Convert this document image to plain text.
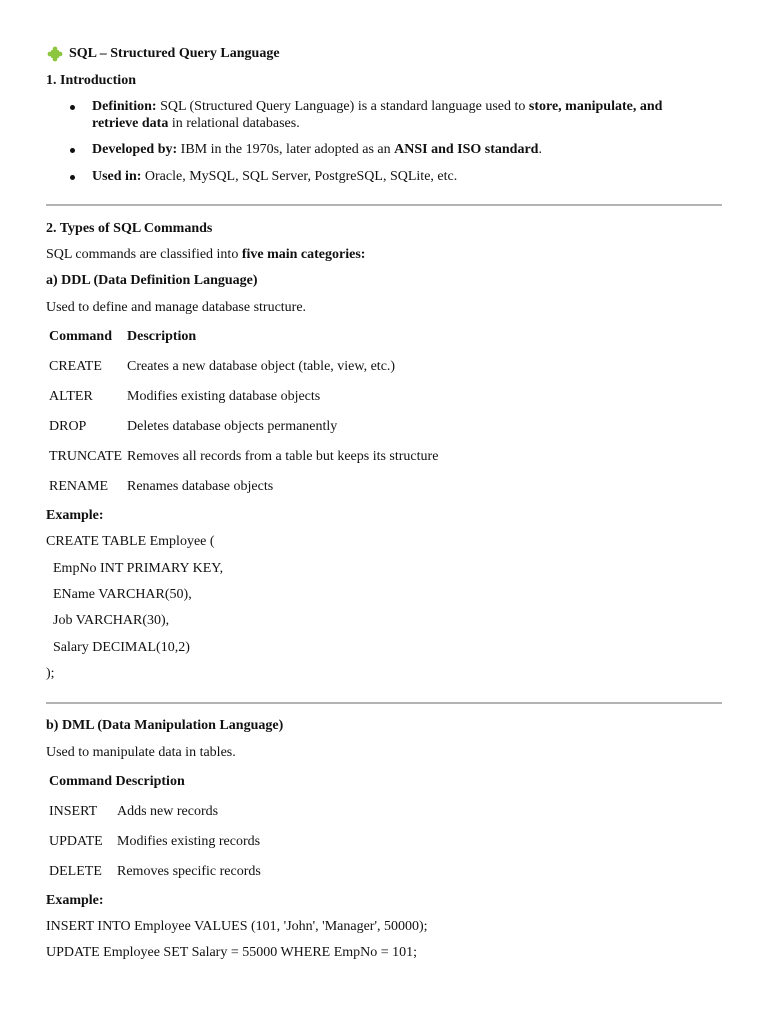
SQL – Structured Query Language
1. Introduction
Definition: SQL (Structured Query Language) is a standard language used to store, manipulate, and
retrieve data in relational databases.
Developed by: IBM in the 1970s, later adopted as an ANSI and ISO standard.
Used in: Oracle, MySQL, SQL Server, PostgreSQL, SQLite, etc.
2. Types of SQL Commands
SQL commands are classified into five main categories:
a) DDL (Data Definition Language)
Used to define and manage database structure.
Command Description
CREATE Creates a new database object (table, view, etc.)
ALTER Modifies existing database objects
DROP	Deletes database objects permanently
TRUNCATE Removes all records from a table but keeps its structure
RENAME Renames database objects
Example:
CREATE TABLE Employee (
EmpNo INT PRIMARY KEY,
EName VARCHAR(50),
Job VARCHAR(30),
Salary DECIMAL(10,2)
);
b) DML (Data Manipulation Language)
Used to manipulate data in tables.
Command Description
INSERT Adds new records
UPDATE Modifies existing records
DELETE Removes specific records
Example:
INSERT INTO Employee VALUES (101, 'John', 'Manager', 50000);
UPDATE Employee SET Salary = 55000 WHERE EmpNo = 101;
